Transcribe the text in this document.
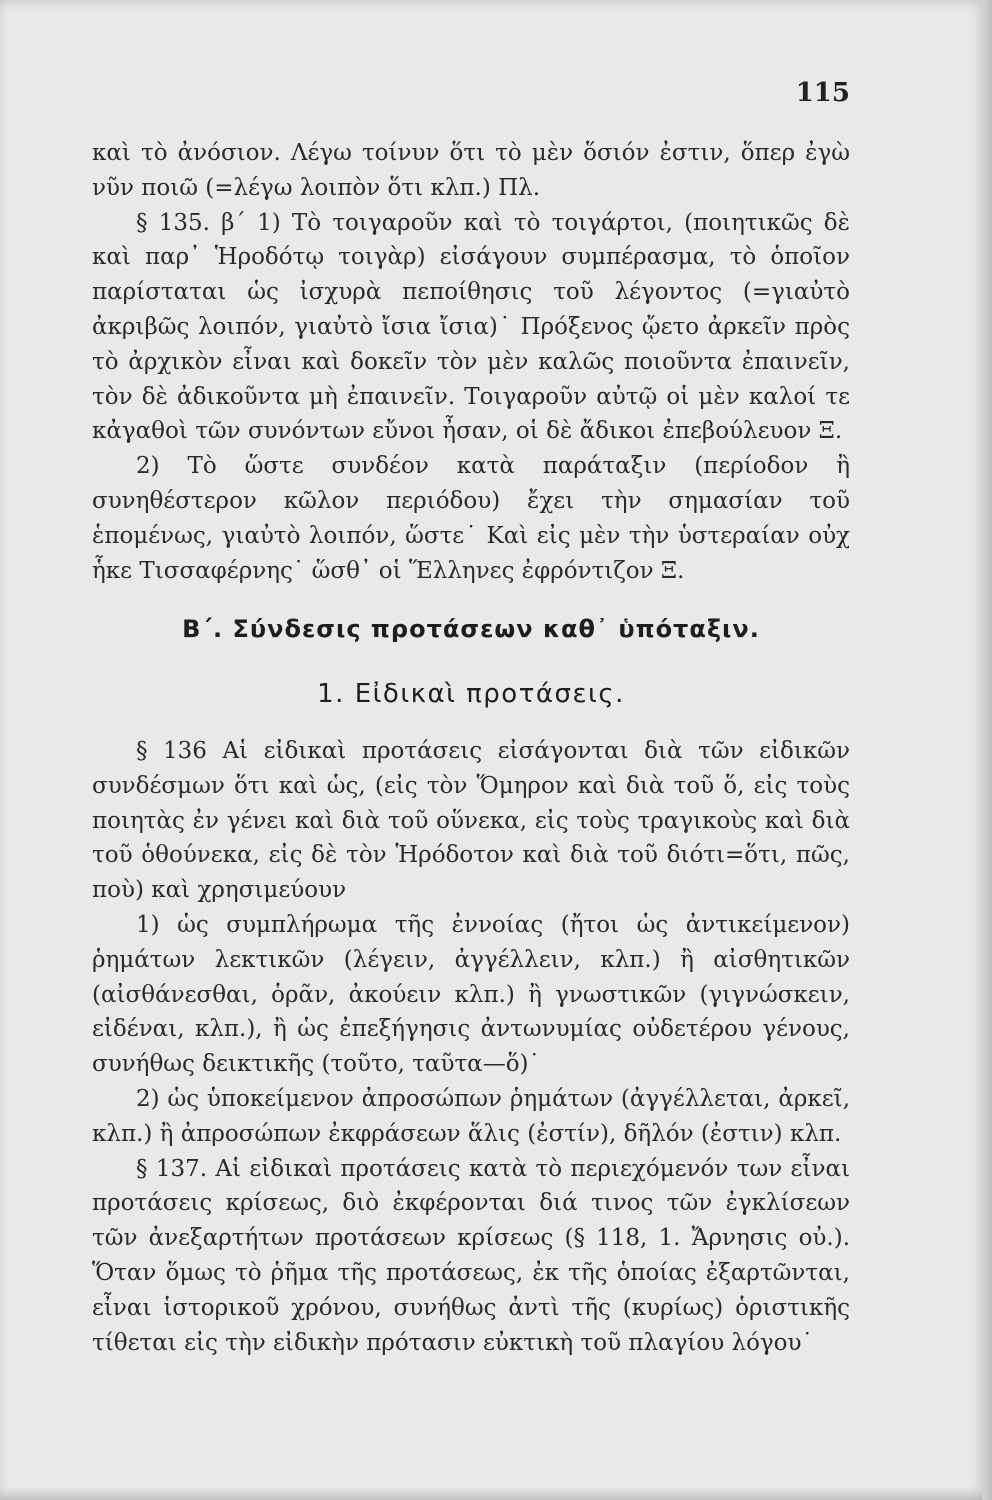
115

καὶ τὸ ἀνόσιον. Λέγω τοίνυν ὅτι τὸ μὲν ὅσιόν ἐστιν, ὅπερ ἐγὼ νῦν ποιῶ (=λέγω λοιπὸν ὅτι κλπ.) Πλ.

§ 135. β΄ 1) Τὸ τοιγαροῦν καὶ τὸ τοιγάρτοι, (ποιητικῶς δὲ καὶ παρ᾿ Ἡροδότῳ τοιγὰρ) εἰσάγουν συμπέρασμα, τὸ ὁποῖον παρίσταται ὡς ἰσχυρὰ πεποίθησις τοῦ λέγοντος (=γιαὐτὸ ἀκριβῶς λοιπόν, γιαὐτὸ ἴσια ἴσια)˙ Πρόξενος ᾤετο ἀρκεῖν πρὸς τὸ ἀρχικὸν εἶναι καὶ δοκεῖν τὸν μὲν καλῶς ποιοῦντα ἐπαινεῖν, τὸν δὲ ἀδικοῦντα μὴ ἐπαινεῖν. Τοιγαροῦν αὐτῷ οἱ μὲν καλοί τε κἀγαθοὶ τῶν συνόντων εὔνοι ἦσαν, οἱ δὲ ἄδικοι ἐπεβούλευον Ξ.

2) Τὸ ὥστε συνδέον κατὰ παράταξιν (περίοδον ἢ συνηθέστερον κῶλον περιόδου) ἔχει τὴν σημασίαν τοῦ ἑπομένως, γιαὐτὸ λοιπόν, ὥστε˙ Καὶ εἰς μὲν τὴν ὑστεραίαν οὐχ ἧκε Τισσαφέρνης˙ ὥσθ᾿ οἱ Ἕλληνες ἐφρόντιζον Ξ.

Β΄. Σύνδεσις προτάσεων καθ᾿ ὑπόταξιν.
1. Εἰδικαὶ προτάσεις.

§ 136 Αἱ εἰδικαὶ προτάσεις εἰσάγονται διὰ τῶν εἰδικῶν συνδέσμων ὅτι καὶ ὡς, (εἰς τὸν Ὅμηρον καὶ διὰ τοῦ ὅ, εἰς τοὺς ποιητὰς ἐν γένει καὶ διὰ τοῦ οὕνεκα, εἰς τοὺς τραγικοὺς καὶ διὰ τοῦ ὁθούνεκα, εἰς δὲ τὸν Ἡρόδοτον καὶ διὰ τοῦ διότι=ὅτι, πῶς, ποὺ) καὶ χρησιμεύουν

1) ὡς συμπλήρωμα τῆς ἐννοίας (ἤτοι ὡς ἀντικείμενον) ῥημάτων λεκτικῶν (λέγειν, ἀγγέλλειν, κλπ.) ἢ αἰσθητικῶν (αἰσθάνεσθαι, ὁρᾶν, ἀκούειν κλπ.) ἢ γνωστικῶν (γιγνώσκειν, εἰδέναι, κλπ.), ἢ ὡς ἐπεξήγησις ἀντωνυμίας οὐδετέρου γένους, συνήθως δεικτικῆς (τοῦτο, ταῦτα—ὅ)˙

2) ὡς ὑποκείμενον ἀπροσώπων ῥημάτων (ἀγγέλλεται, ἀρκεῖ, κλπ.) ἢ ἀπροσώπων ἐκφράσεων ἅλις (ἐστίν), δῆλόν (ἐστιν) κλπ.

§ 137. Αἱ εἰδικαὶ προτάσεις κατὰ τὸ περιεχόμενόν των εἶναι προτάσεις κρίσεως, διὸ ἐκφέρονται διά τινος τῶν ἐγκλίσεων τῶν ἀνεξαρτήτων προτάσεων κρίσεως (§ 118, 1. Ἄρνησις οὐ.). Ὅταν ὅμως τὸ ῥῆμα τῆς προτάσεως, ἐκ τῆς ὁποίας ἐξαρτῶνται, εἶναι ἱστορικοῦ χρόνου, συνήθως ἀντὶ τῆς (κυρίως) ὁριστικῆς τίθεται εἰς τὴν εἰδικὴν πρότασιν εὐκτικὴ τοῦ πλαγίου λόγου˙
